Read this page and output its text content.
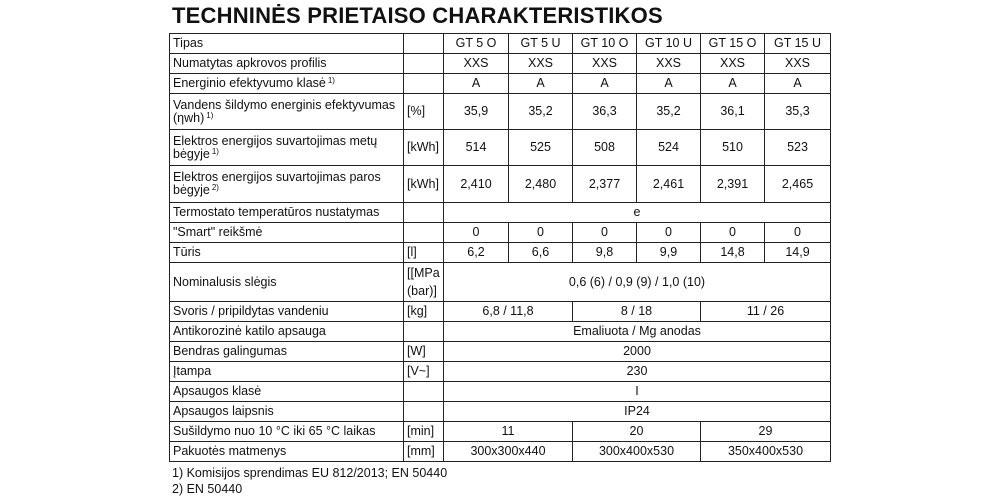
TECHNINĖS PRIETAISO CHARAKTERISTIKOS
Tipas		GT 5 O	GT 5 U	GT 10 O	GT 10 U	GT 15 O	GT 15 U
Numatytas apkrovos profilis		XXS	XXS	XXS	XXS	XXS	XXS
Energinio efektyvumo klasė $^{1)}$		A	A	A	A	A	A
Vandens šildymo energinis efektyvumas (ηwh) $^{1)}$	[%]	35,9	35,2	36,3	35,2	36,1	35,3
Elektros energijos suvartojimas metų bėgyje $^{1)}$	[kWh]	514	525	508	524	510	523
Elektros energijos suvartojimas paros bėgyje $^{2)}$	[kWh]	2,410	2,480	2,377	2,461	2,391	2,465
Termostato temperatūros nustatymas		e					
"Smart" reikšmė		0	0	0	0	0	0
Tūris	[l]	6,2	6,6	9,8	9,9	14,8	14,9
Nominalusis slėgis	[[MPa (bar)]	0,6 (6) / 0,9 (9) / 1,0 (10)					
Svoris / pripildytas vandeniu	[kg]	6,8 / 11,8		8 / 18		11 / 26	
Antikorozinė katilo apsauga		Emaliuota / Mg anodas					
Bendras galingumas	[W]	2000					
Įtampa	[V~]	230					
Apsaugos klasė		I					
Apsaugos laipsnis		IP24					
Sušildymo nuo 10 °C iki 65 °C laikas	[min]	11		20		29	
Pakuotės matmenys	[mm]	300x300x440		300x400x530		350x400x530	
1) Komisijos sprendimas EU 812/2013; EN 50440
2) EN 50440
